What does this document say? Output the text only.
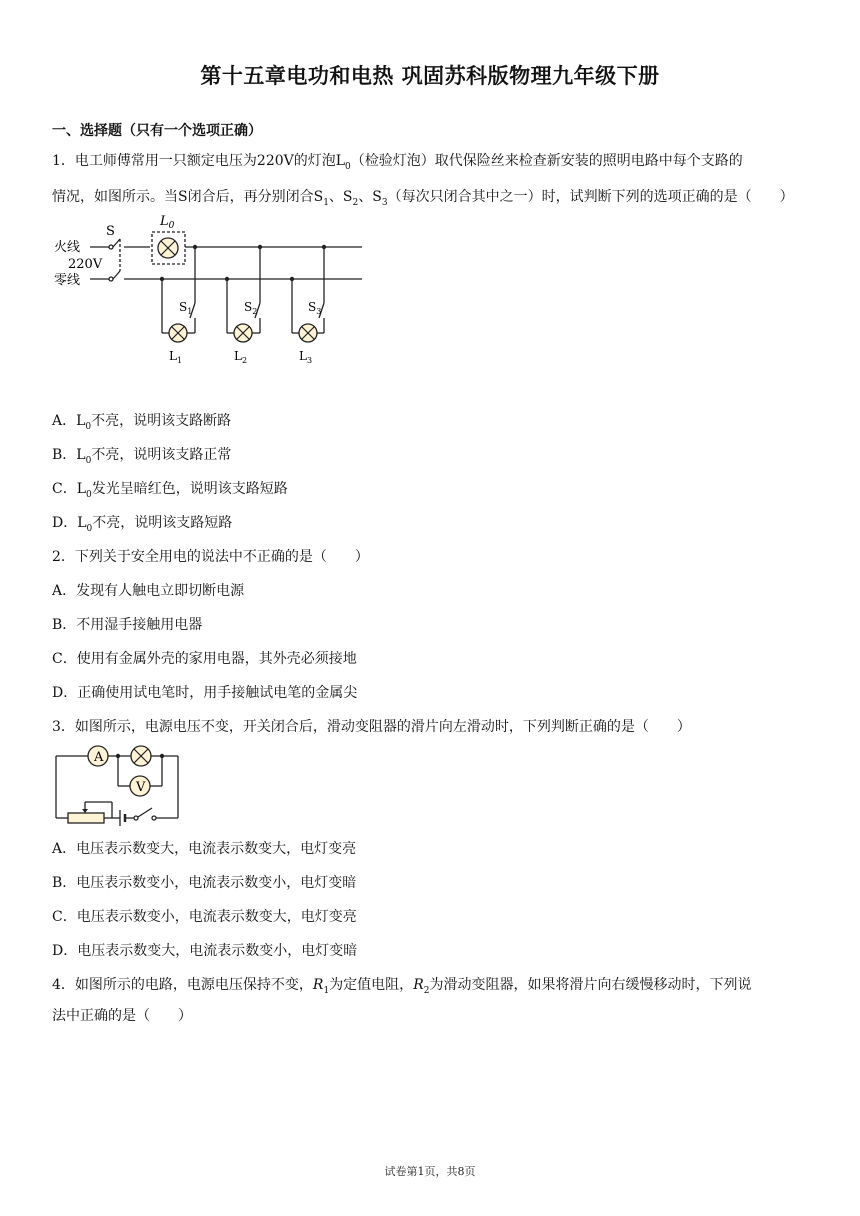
第十五章电功和电热 巩固苏科版物理九年级下册
一、选择题（只有一个选项正确）
1．电工师傅常用一只额定电压为220V的灯泡$L_0$（检验灯泡）取代保险丝来检查新安装的照明电路中每个支路的
情况，如图所示。当S闭合后，再分别闭合$S_1$、$S_2$、$S_3$（每次只闭合其中之一）时，试判断下列的选项正确的是（　　）
火线
零线
220V
S
$L_0$
$S_1$	$S_2$	$S_3$
$L_1$	$L_2$	$L_3$
A．$L_0$不亮，说明该支路断路
B．$L_0$不亮，说明该支路正常
C．$L_0$发光呈暗红色，说明该支路短路
D．$L_0$不亮，说明该支路短路
2．下列关于安全用电的说法中不正确的是（　　）
A．发现有人触电立即切断电源
B．不用湿手接触用电器
C．使用有金属外壳的家用电器，其外壳必须接地
D．正确使用试电笔时，用手接触试电笔的金属尖
3．如图所示，电源电压不变，开关闭合后，滑动变阻器的滑片向左滑动时，下列判断正确的是（　　）
A
V
A．电压表示数变大，电流表示数变大，电灯变亮
B．电压表示数变小，电流表示数变小，电灯变暗
C．电压表示数变小，电流表示数变大，电灯变亮
D．电压表示数变大，电流表示数变小，电灯变暗
4．如图所示的电路，电源电压保持不变，$R_1$为定值电阻，$R_2$为滑动变阻器，如果将滑片向右缓慢移动时，下列说
法中正确的是（　　）
试卷第1页，共8页
